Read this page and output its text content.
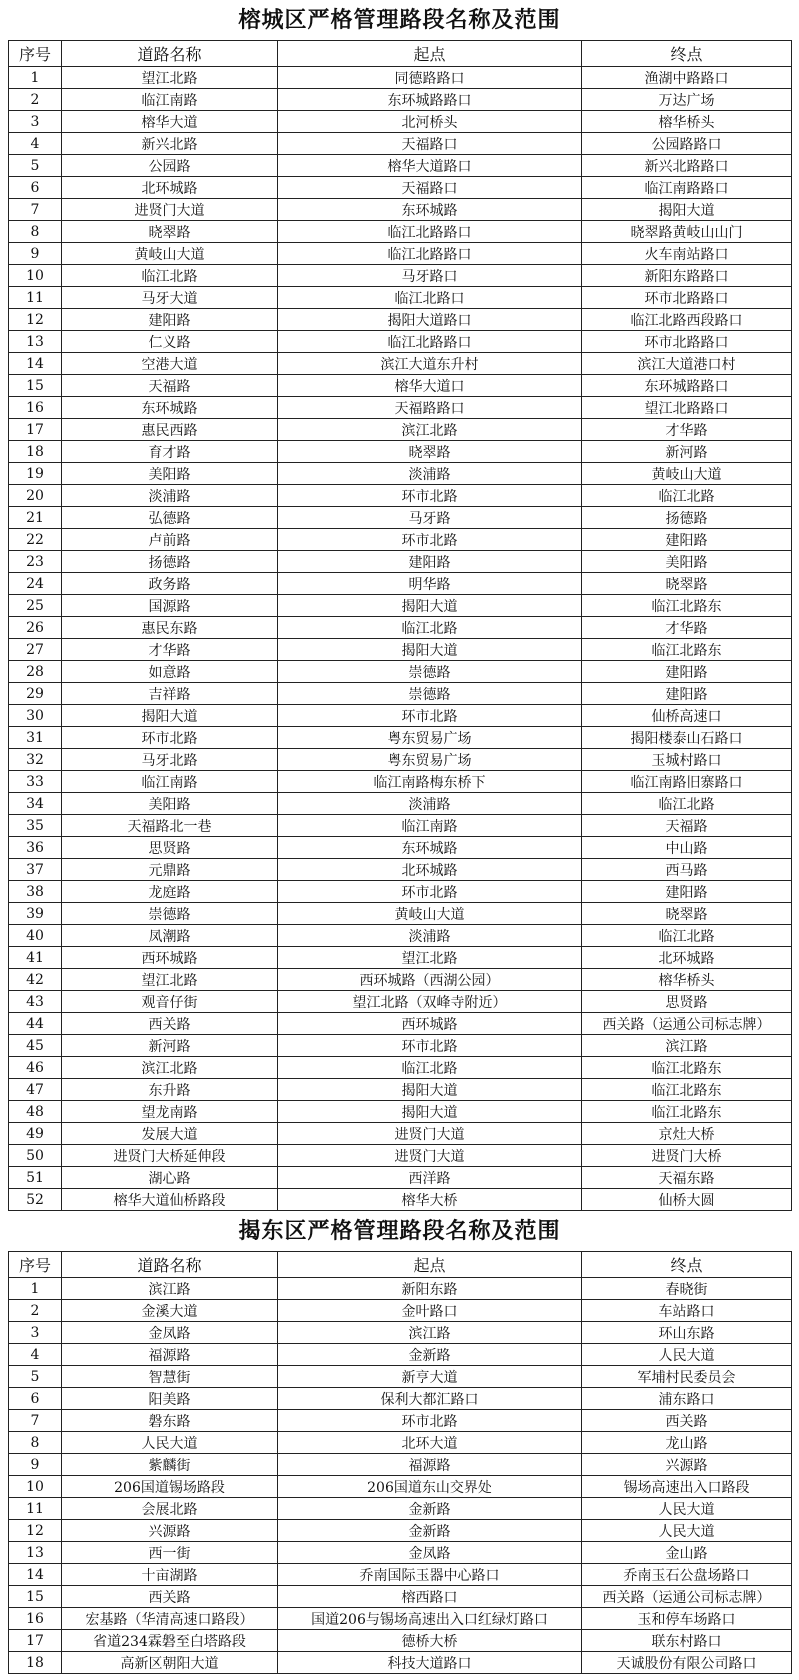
榕城区严格管理路段名称及范围
序号	道路名称	起点	终点
1	望江北路	同德路路口	渔湖中路路口
2	临江南路	东环城路路口	万达广场
3	榕华大道	北河桥头	榕华桥头
4	新兴北路	天福路口	公园路路口
5	公园路	榕华大道路口	新兴北路路口
6	北环城路	天福路口	临江南路路口
7	进贤门大道	东环城路	揭阳大道
8	晓翠路	临江北路路口	晓翠路黄岐山山门
9	黄岐山大道	临江北路路口	火车南站路口
10	临江北路	马牙路口	新阳东路路口
11	马牙大道	临江北路口	环市北路路口
12	建阳路	揭阳大道路口	临江北路西段路口
13	仁义路	临江北路路口	环市北路路口
14	空港大道	滨江大道东升村	滨江大道港口村
15	天福路	榕华大道口	东环城路路口
16	东环城路	天福路路口	望江北路路口
17	惠民西路	滨江北路	才华路
18	育才路	晓翠路	新河路
19	美阳路	淡浦路	黄岐山大道
20	淡浦路	环市北路	临江北路
21	弘德路	马牙路	扬德路
22	卢前路	环市北路	建阳路
23	扬德路	建阳路	美阳路
24	政务路	明华路	晓翠路
25	国源路	揭阳大道	临江北路东
26	惠民东路	临江北路	才华路
27	才华路	揭阳大道	临江北路东
28	如意路	崇德路	建阳路
29	吉祥路	崇德路	建阳路
30	揭阳大道	环市北路	仙桥高速口
31	环市北路	粤东贸易广场	揭阳楼泰山石路口
32	马牙北路	粤东贸易广场	玉城村路口
33	临江南路	临江南路梅东桥下	临江南路旧寨路口
34	美阳路	淡浦路	临江北路
35	天福路北一巷	临江南路	天福路
36	思贤路	东环城路	中山路
37	元鼎路	北环城路	西马路
38	龙庭路	环市北路	建阳路
39	崇德路	黄岐山大道	晓翠路
40	凤潮路	淡浦路	临江北路
41	西环城路	望江北路	北环城路
42	望江北路	西环城路（西湖公园）	榕华桥头
43	观音仔街	望江北路（双峰寺附近）	思贤路
44	西关路	西环城路	西关路（运通公司标志牌）
45	新河路	环市北路	滨江路
46	滨江北路	临江北路	临江北路东
47	东升路	揭阳大道	临江北路东
48	望龙南路	揭阳大道	临江北路东
49	发展大道	进贤门大道	京灶大桥
50	进贤门大桥延伸段	进贤门大道	进贤门大桥
51	湖心路	西洋路	天福东路
52	榕华大道仙桥路段	榕华大桥	仙桥大圆
揭东区严格管理路段名称及范围
序号	道路名称	起点	终点
1	滨江路	新阳东路	春晓街
2	金溪大道	金叶路口	车站路口
3	金凤路	滨江路	环山东路
4	福源路	金新路	人民大道
5	智慧街	新亨大道	军埔村民委员会
6	阳美路	保利大都汇路口	浦东路口
7	磐东路	环市北路	西关路
8	人民大道	北环大道	龙山路
9	紫麟街	福源路	兴源路
10	206国道锡场路段	206国道东山交界处	锡场高速出入口路段
11	会展北路	金新路	人民大道
12	兴源路	金新路	人民大道
13	西一街	金凤路	金山路
14	十亩湖路	乔南国际玉器中心路口	乔南玉石公盘场路口
15	西关路	榕西路口	西关路（运通公司标志牌）
16	宏基路（华清高速口路段）	国道206与锡场高速出入口红绿灯路口	玉和停车场路口
17	省道234霖磐至白塔路段	德桥大桥	联东村路口
18	高新区朝阳大道	科技大道路口	天诚股份有限公司路口
